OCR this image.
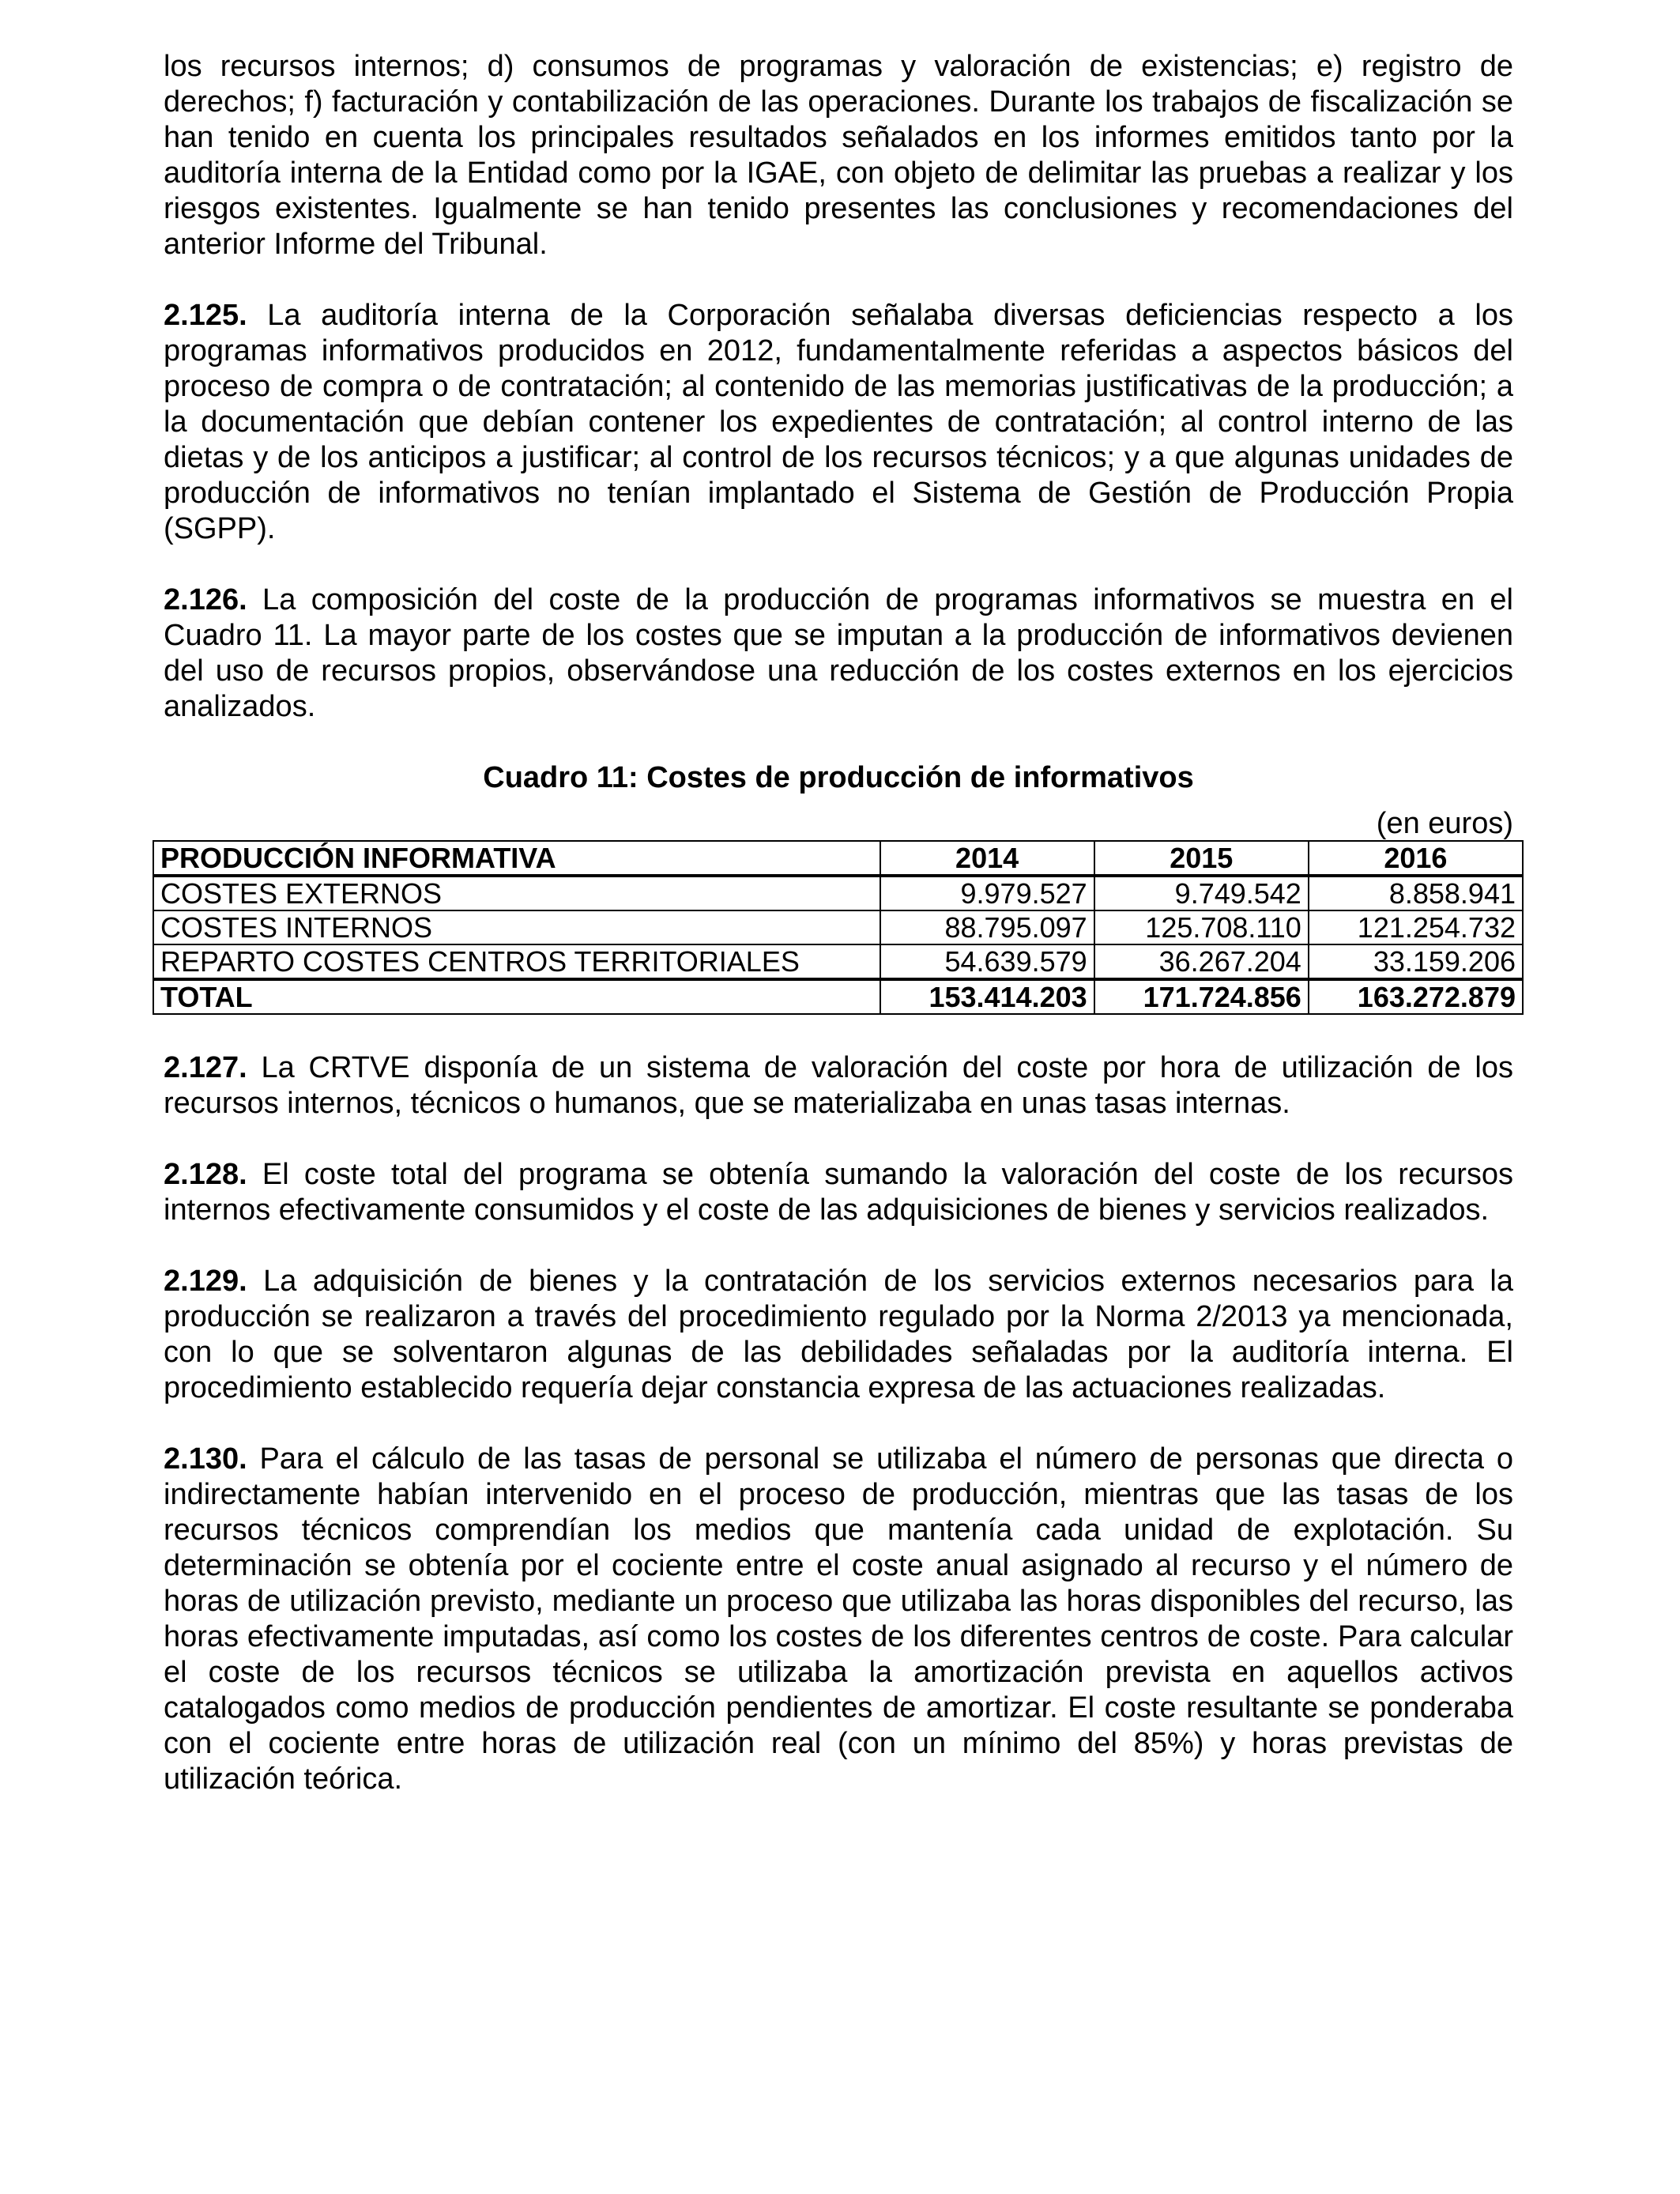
los recursos internos; d) consumos de programas y valoración de existencias; e) registro de derechos; f) facturación y contabilización de las operaciones. Durante los trabajos de fiscalización se han tenido en cuenta los principales resultados señalados en los informes emitidos tanto por la auditoría interna de la Entidad como por la IGAE, con objeto de delimitar las pruebas a realizar y los riesgos existentes. Igualmente se han tenido presentes las conclusiones y recomendaciones del anterior Informe del Tribunal.

2.125. La auditoría interna de la Corporación señalaba diversas deficiencias respecto a los programas informativos producidos en 2012, fundamentalmente referidas a aspectos básicos del proceso de compra o de contratación; al contenido de las memorias justificativas de la producción; a la documentación que debían contener los expedientes de contratación; al control interno de las dietas y de los anticipos a justificar; al control de los recursos técnicos; y a que algunas unidades de producción de informativos no tenían implantado el Sistema de Gestión de Producción Propia (SGPP).

2.126. La composición del coste de la producción de programas informativos se muestra en el Cuadro 11. La mayor parte de los costes que se imputan a la producción de informativos devienen del uso de recursos propios, observándose una reducción de los costes externos en los ejercicios analizados.

Cuadro 11: Costes de producción de informativos
(en euros)
PRODUCCIÓN INFORMATIVA	2014	2015	2016
COSTES EXTERNOS	9.979.527	9.749.542	8.858.941
COSTES INTERNOS	88.795.097	125.708.110	121.254.732
REPARTO COSTES CENTROS TERRITORIALES	54.639.579	36.267.204	33.159.206
TOTAL	153.414.203	171.724.856	163.272.879

2.127. La CRTVE disponía de un sistema de valoración del coste por hora de utilización de los recursos internos, técnicos o humanos, que se materializaba en unas tasas internas.

2.128. El coste total del programa se obtenía sumando la valoración del coste de los recursos internos efectivamente consumidos y el coste de las adquisiciones de bienes y servicios realizados.

2.129. La adquisición de bienes y la contratación de los servicios externos necesarios para la producción se realizaron a través del procedimiento regulado por la Norma 2/2013 ya mencionada, con lo que se solventaron algunas de las debilidades señaladas por la auditoría interna. El procedimiento establecido requería dejar constancia expresa de las actuaciones realizadas.

2.130. Para el cálculo de las tasas de personal se utilizaba el número de personas que directa o indirectamente habían intervenido en el proceso de producción, mientras que las tasas de los recursos técnicos comprendían los medios que mantenía cada unidad de explotación. Su determinación se obtenía por el cociente entre el coste anual asignado al recurso y el número de horas de utilización previsto, mediante un proceso que utilizaba las horas disponibles del recurso, las horas efectivamente imputadas, así como los costes de los diferentes centros de coste. Para calcular el coste de los recursos técnicos se utilizaba la amortización prevista en aquellos activos catalogados como medios de producción pendientes de amortizar. El coste resultante se ponderaba con el cociente entre horas de utilización real (con un mínimo del 85%) y horas previstas de utilización teórica.
